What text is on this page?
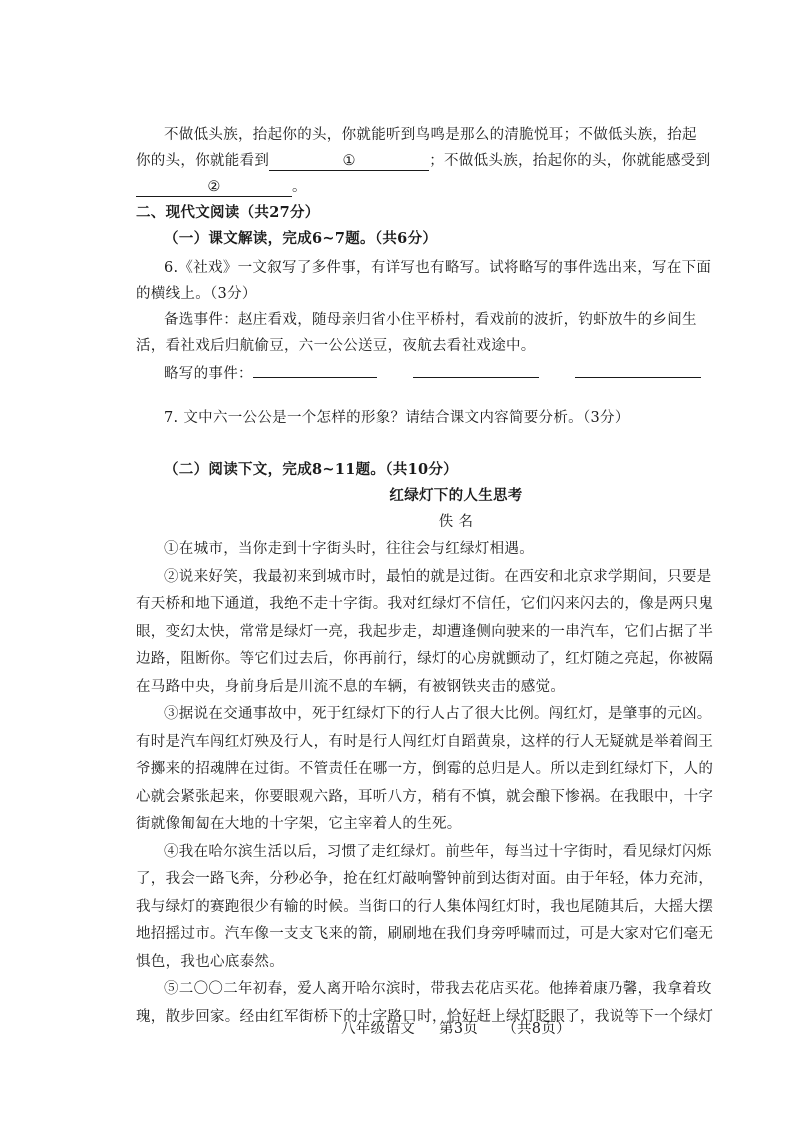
不做低头族，抬起你的头，你就能听到鸟鸣是那么的清脆悦耳；不做低头族，抬起
你的头，你就能看到	①	；不做低头族，抬起你的头，你就能感受到
②	。
二、现代文阅读（共27分）
（一）课文解读，完成6~7题。（共6分）
6.《社戏》一文叙写了多件事，有详写也有略写。试将略写的事件选出来，写在下面
的横线上。（3分）
备选事件：赵庄看戏，随母亲归省小住平桥村，看戏前的波折，钓虾放牛的乡间生
活，看社戏后归航偷豆，六一公公送豆，夜航去看社戏途中。
略写的事件：
7. 文中六一公公是一个怎样的形象？请结合课文内容简要分析。（3分）
（二）阅读下文，完成8~11题。（共10分）
红绿灯下的人生思考
佚 名
①在城市，当你走到十字街头时，往往会与红绿灯相遇。
②说来好笑，我最初来到城市时，最怕的就是过街。在西安和北京求学期间，只要是
有天桥和地下通道，我绝不走十字街。我对红绿灯不信任，它们闪来闪去的，像是两只鬼
眼，变幻太快，常常是绿灯一亮，我起步走，却遭逢侧向驶来的一串汽车，它们占据了半
边路，阻断你。等它们过去后，你再前行，绿灯的心房就颤动了，红灯随之亮起，你被隔
在马路中央，身前身后是川流不息的车辆，有被钢铁夹击的感觉。
③据说在交通事故中，死于红绿灯下的行人占了很大比例。闯红灯，是肇事的元凶。
有时是汽车闯红灯殃及行人，有时是行人闯红灯自蹈黄泉，这样的行人无疑就是举着阎王
爷擲来的招魂牌在过街。不管责任在哪一方，倒霉的总归是人。所以走到红绿灯下，人的
心就会紧张起来，你要眼观六路，耳听八方，稍有不慎，就会酿下惨祸。在我眼中，十字
街就像匍匐在大地的十字架，它主宰着人的生死。
④我在哈尔滨生活以后，习惯了走红绿灯。前些年，每当过十字街时，看见绿灯闪烁
了，我会一路飞奔，分秒必争，抢在红灯敲响警钟前到达街对面。由于年轻，体力充沛，
我与绿灯的赛跑很少有输的时候。当街口的行人集体闯红灯时，我也尾随其后，大摇大摆
地招摇过市。汽车像一支支飞来的箭，刷刷地在我们身旁呼啸而过，可是大家对它们毫无
惧色，我也心底泰然。
⑤二〇〇二年初春，爱人离开哈尔滨时，带我去花店买花。他捧着康乃馨，我拿着玫
瑰，散步回家。经由红军街桥下的十字路口时，恰好赶上绿灯眨眼了，我说等下一个绿灯
八年级语文 第3页 （共8页）
